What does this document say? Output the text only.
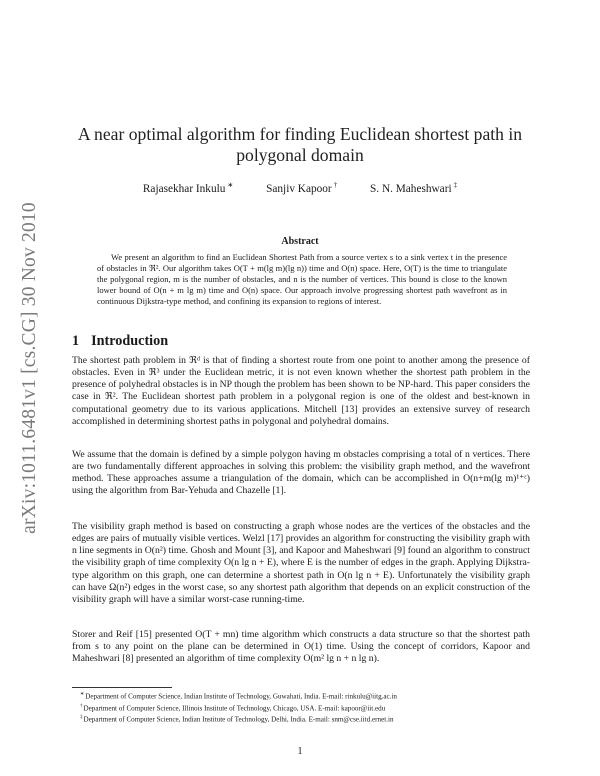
arXiv:1011.6481v1 [cs.CG] 30 Nov 2010
A near optimal algorithm for finding Euclidean shortest path in polygonal domain
Rajasekhar Inkulu ∗	Sanjiv Kapoor †	S. N. Maheshwari ‡
Abstract

We present an algorithm to find an Euclidean Shortest Path from a source vertex s to a sink vertex t in the presence of obstacles in ℜ². Our algorithm takes O(T + m(lg m)(lg n)) time and O(n) space. Here, O(T) is the time to triangulate the polygonal region, m is the number of obstacles, and n is the number of vertices. This bound is close to the known lower bound of O(n + m lg m) time and O(n) space. Our approach involve progressing shortest path wavefront as in continuous Dijkstra-type method, and confining its expansion to regions of interest.

1 Introduction

The shortest path problem in ℜᵈ is that of finding a shortest route from one point to another among the presence of obstacles. Even in ℜ³ under the Euclidean metric, it is not even known whether the shortest path problem in the presence of polyhedral obstacles is in NP though the problem has been shown to be NP-hard. This paper considers the case in ℜ². The Euclidean shortest path problem in a polygonal region is one of the oldest and best-known in computational geometry due to its various applications. Mitchell [13] provides an extensive survey of research accomplished in determining shortest paths in polygonal and polyhedral domains.

We assume that the domain is defined by a simple polygon having m obstacles comprising a total of n vertices. There are two fundamentally different approaches in solving this problem: the visibility graph method, and the wavefront method. These approaches assume a triangulation of the domain, which can be accomplished in O(n+m(lg m)¹⁺ᵋ) using the algorithm from Bar-Yehuda and Chazelle [1].

The visibility graph method is based on constructing a graph whose nodes are the vertices of the obstacles and the edges are pairs of mutually visible vertices. Welzl [17] provides an algorithm for constructing the visibility graph with n line segments in O(n²) time. Ghosh and Mount [3], and Kapoor and Maheshwari [9] found an algorithm to construct the visibility graph of time complexity O(n lg n + E), where E is the number of edges in the graph. Applying Dijkstra-type algorithm on this graph, one can determine a shortest path in O(n lg n + E). Unfortunately the visibility graph can have Ω(n²) edges in the worst case, so any shortest path algorithm that depends on an explicit construction of the visibility graph will have a similar worst-case running-time.

Storer and Reif [15] presented O(T + mn) time algorithm which constructs a data structure so that the shortest path from s to any point on the plane can be determined in O(1) time. Using the concept of corridors, Kapoor and Maheshwari [8] presented an algorithm of time complexity O(m² lg n + n lg n).

∗Department of Computer Science, Indian Institute of Technology, Guwahati, India. E-mail: rinkulu@iitg.ac.in
†Department of Computer Science, Illinois Institute of Technology, Chicago, USA. E-mail: kapoor@iit.edu
‡Department of Computer Science, Indian Institute of Technology, Delhi, India. E-mail: snm@cse.iitd.ernet.in
1
